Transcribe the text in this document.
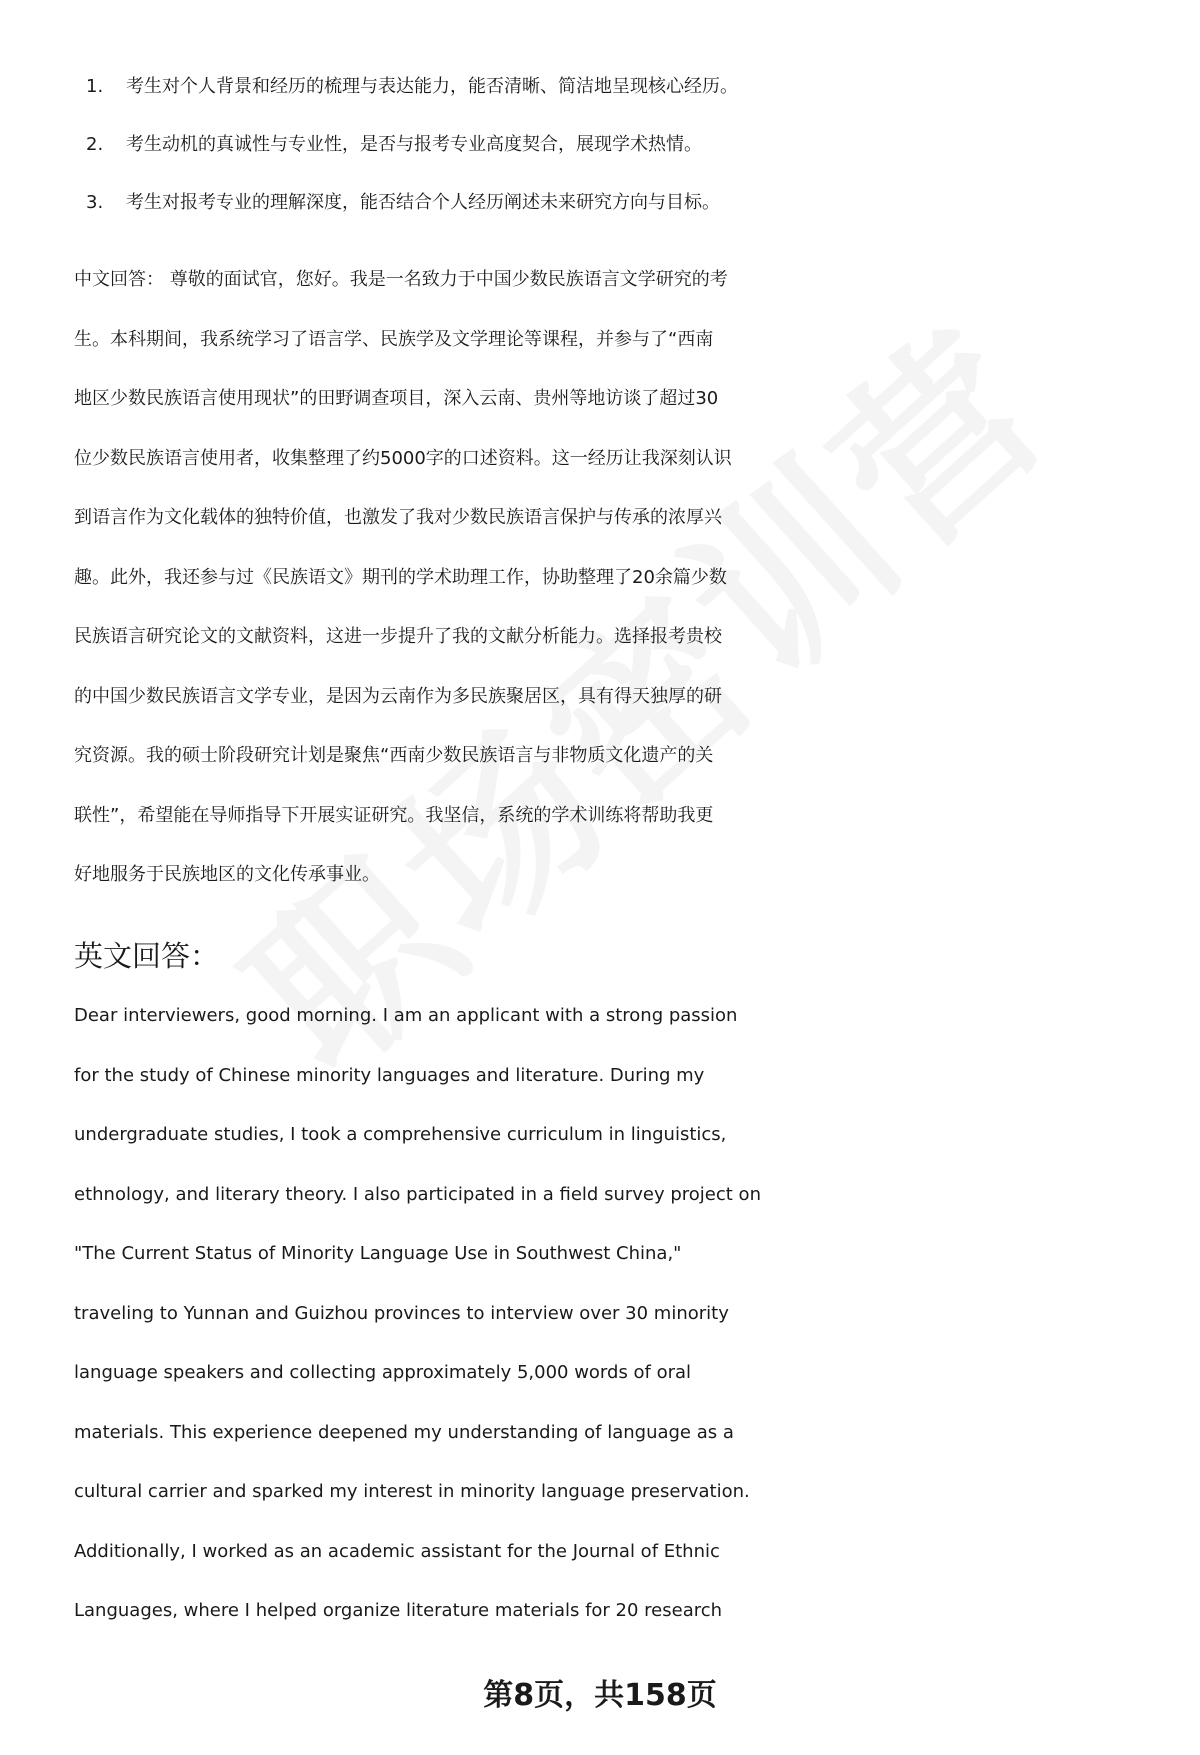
1. 考生对个人背景和经历的梳理与表达能力，能否清晰、简洁地呈现核心经历。
2. 考生动机的真诚性与专业性，是否与报考专业高度契合，展现学术热情。
3. 考生对报考专业的理解深度，能否结合个人经历阐述未来研究方向与目标。
中文回答： 尊敬的面试官，您好。我是一名致力于中国少数民族语言文学研究的考
生。本科期间，我系统学习了语言学、民族学及文学理论等课程，并参与了“西南
地区少数民族语言使用现状”的田野调查项目，深入云南、贵州等地访谈了超过30
位少数民族语言使用者，收集整理了约5000字的口述资料。这一经历让我深刻认识
到语言作为文化载体的独特价值，也激发了我对少数民族语言保护与传承的浓厚兴
趣。此外，我还参与过《民族语文》期刊的学术助理工作，协助整理了20余篇少数
民族语言研究论文的文献资料，这进一步提升了我的文献分析能力。选择报考贵校
的中国少数民族语言文学专业，是因为云南作为多民族聚居区，具有得天独厚的研
究资源。我的硕士阶段研究计划是聚焦“西南少数民族语言与非物质文化遗产的关
联性”，希望能在导师指导下开展实证研究。我坚信，系统的学术训练将帮助我更
好地服务于民族地区的文化传承事业。
英文回答：
Dear interviewers, good morning. I am an applicant with a strong passion
for the study of Chinese minority languages and literature. During my
undergraduate studies, I took a comprehensive curriculum in linguistics,
ethnology, and literary theory. I also participated in a field survey project on
"The Current Status of Minority Language Use in Southwest China,"
traveling to Yunnan and Guizhou provinces to interview over 30 minority
language speakers and collecting approximately 5,000 words of oral
materials. This experience deepened my understanding of language as a
cultural carrier and sparked my interest in minority language preservation.
Additionally, I worked as an academic assistant for the Journal of Ethnic
Languages, where I helped organize literature materials for 20 research
第8页，共158页
